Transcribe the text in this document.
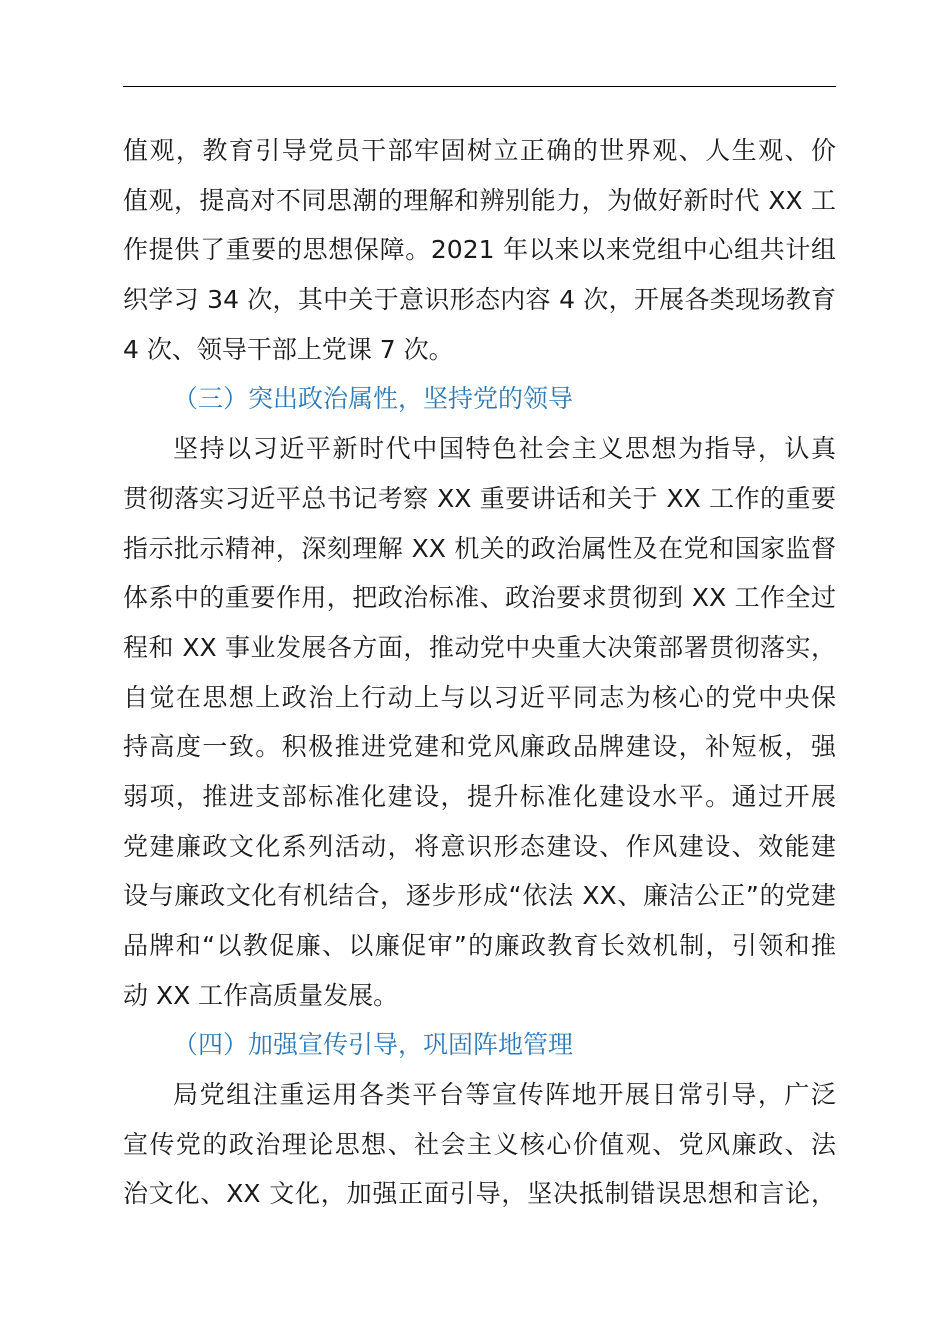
值观，教育引导党员干部牢固树立正确的世界观、人生观、价
值观，提高对不同思潮的理解和辨别能力，为做好新时代 XX 工
作提供了重要的思想保障。2021 年以来以来党组中心组共计组
织学习 34 次，其中关于意识形态内容 4 次，开展各类现场教育
4 次、领导干部上党课 7 次。
（三）突出政治属性，坚持党的领导
坚持以习近平新时代中国特色社会主义思想为指导，认真
贯彻落实习近平总书记考察 XX 重要讲话和关于 XX 工作的重要
指示批示精神，深刻理解 XX 机关的政治属性及在党和国家监督
体系中的重要作用，把政治标准、政治要求贯彻到 XX 工作全过
程和 XX 事业发展各方面，推动党中央重大决策部署贯彻落实，
自觉在思想上政治上行动上与以习近平同志为核心的党中央保
持高度一致。积极推进党建和党风廉政品牌建设，补短板，强
弱项，推进支部标准化建设，提升标准化建设水平。通过开展
党建廉政文化系列活动，将意识形态建设、作风建设、效能建
设与廉政文化有机结合，逐步形成“依法 XX、廉洁公正”的党建
品牌和“以教促廉、以廉促审”的廉政教育长效机制，引领和推
动 XX 工作高质量发展。
（四）加强宣传引导，巩固阵地管理
局党组注重运用各类平台等宣传阵地开展日常引导，广泛
宣传党的政治理论思想、社会主义核心价值观、党风廉政、法
治文化、XX 文化，加强正面引导，坚决抵制错误思想和言论，
